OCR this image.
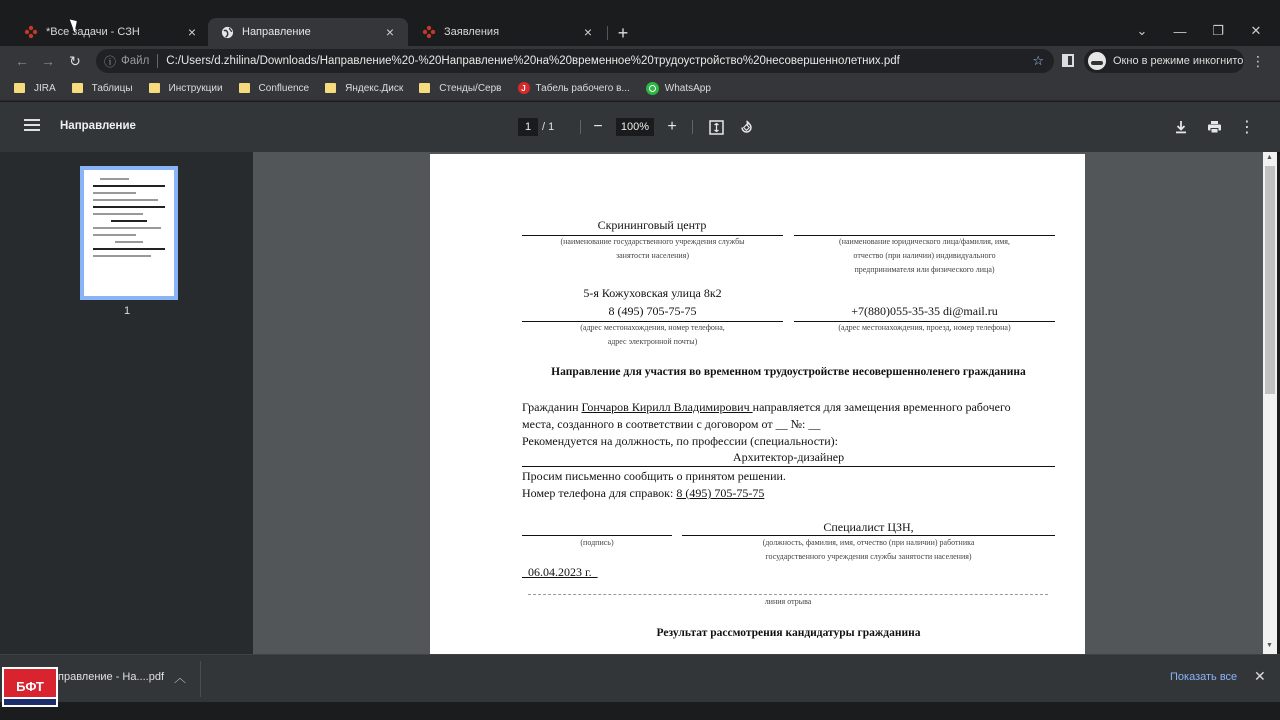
*Все задачи - СЗН	×	Направление	×	Заявления	×	+	⌄	—	❐	✕
← → ↻	ⓘ Файл C:/Users/d.zhilina/Downloads/Направление%20-%20Направление%20на%20временное%20трудоустройство%20несовершеннолетних.pdf	☆	Окно в режиме инкогнито ⋮
JIRA	Таблицы	Инструкции	Confluence	Яндекс.Диск	Стенды/Серв	J Табель рабочего в...	WhatsApp
Направление	1 / 1	−	100%	+	⋮
1
Скрининговый центр
(наименование государственного учреждения службы
занятости населения)
(наименование юридического лица/фамилия, имя,
отчество (при наличии) индивидуального
предпринимателя или физического лица)
5-я Кожуховская улица 8к2
8 (495) 705-75-75
(адрес местонахождения, номер телефона,
адрес электронной почты)
+7(880)055-35-35 di@mail.ru
(адрес местонахождения, проезд, номер телефона)
Направление для участия во временном трудоустройстве несовершенноленего гражданина
Гражданин Гончаров Кирилл Владимирович направляется для замещения временного рабочего
места, созданного в соответствии с договором от __ №: __
Рекомендуется на должность, по профессии (специальности):
Архитектор-дизайнер
Просим письменно сообщить о принятом решении.
Номер телефона для справок: 8 (495) 705-75-75
(подпись)
Специалист ЦЗН,
(должность, фамилия, имя, отчество (при наличии) работника
государственного учреждения службы занятости населения)
06.04.2023 г.
линия отрыва
Результат рассмотрения кандидатуры гражданина
▲
▼
правление - На....pdf ︿	Показать все ✕
БФТ
